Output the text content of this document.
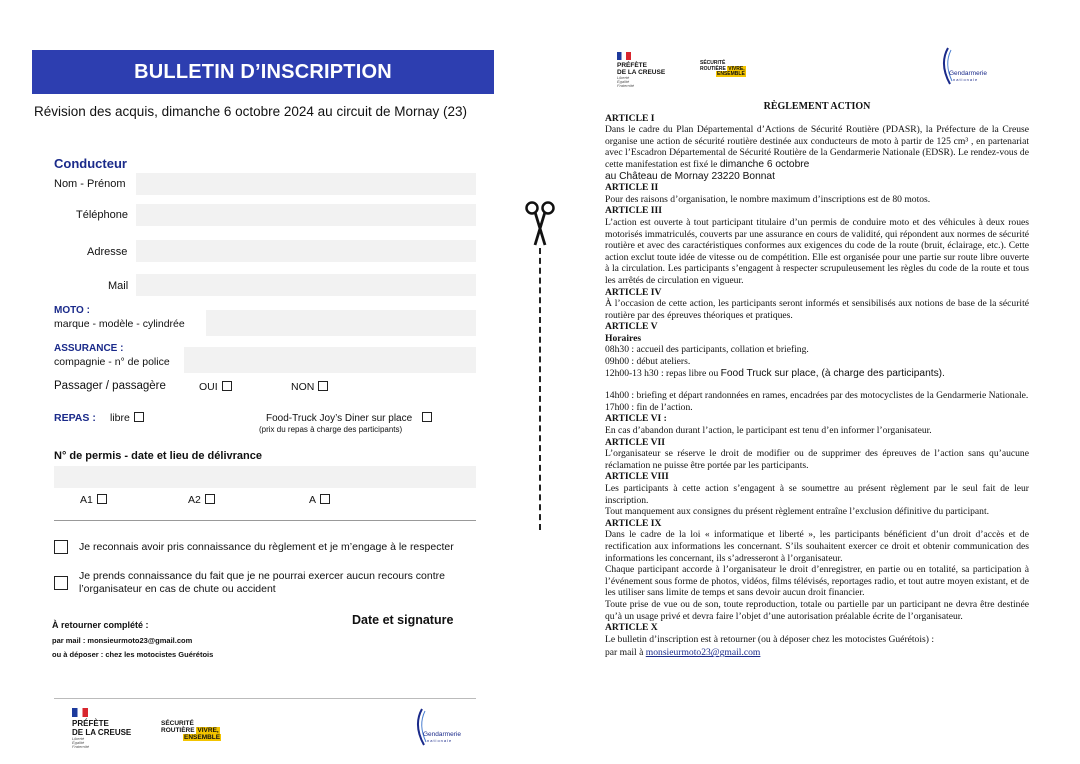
BULLETIN D’INSCRIPTION
Révision des acquis, dimanche 6 octobre 2024 au circuit de Mornay (23)
Conducteur
Nom - Prénom
Téléphone
Adresse
Mail
MOTO :
marque - modèle - cylindrée
ASSURANCE :
compagnie - n° de police
Passager / passagère	OUI	NON
REPAS : libre	Food-Truck Joy’s Diner sur place
(prix du repas à charge des participants)
N° de permis - date et lieu de délivrance
A1	A2	A
Je reconnais avoir pris connaissance du règlement et je m’engage à le respecter
Je prends connaissance du fait que je ne pourrai exercer aucun recours contre
l’organisateur en cas de chute ou accident
À retourner complété :
par mail : monsieurmoto23@gmail.com
ou à déposer : chez les motocistes Guérétois
Date et signature
PRÉFÈTE
DE LA CREUSE
Liberté
Égalité
Fraternité
SÉCURITÉ
ROUTIÈRE VIVRE,
ENSEMBLE	Gendarmerie
nationale
PRÉFÈTE
DE LA CREUSE
Liberté
Égalité
Fraternité
SÉCURITÉ
ROUTIÈRE VIVRE,
ENSEMBLE	Gendarmerie
nationale
RÈGLEMENT ACTION
ARTICLE I

Dans le cadre du Plan Départemental d’Actions de Sécurité Routière (PDASR), la Préfecture de la Creuse organise une action de sécurité routière destinée aux conducteurs de moto à partir de 125 cm³ , en partenariat avec l’Escadron Départemental de Sécurité Routière de la Gendarmerie Nationale (EDSR). Le rendez-vous de cette manifestation est fixé le dimanche 6 octobre
au Château de Mornay 23220 Bonnat

ARTICLE II

Pour des raisons d’organisation, le nombre maximum d’inscriptions est de 80 motos.

ARTICLE III

L’action est ouverte à tout participant titulaire d’un permis de conduire moto et des véhicules à deux roues motorisés immatriculés, couverts par une assurance en cours de validité, qui répondent aux normes de sécurité routière et avec des caractéristiques conformes aux exigences du code de la route (bruit, éclairage, etc.). Cette action exclut toute idée de vitesse ou de compétition. Elle est organisée pour une partie sur route libre ouverte à la circulation. Les participants s’engagent à respecter scrupuleusement les règles du code de la route et tous les arrêtés de circulation en vigueur.

ARTICLE IV

À l’occasion de cette action, les participants seront informés et sensibilisés aux notions de base de la sécurité routière par des épreuves théoriques et pratiques.

ARTICLE V
Horaires
08h30 : accueil des participants, collation et briefing.
09h00 : début ateliers.
12h00-13 h30 : repas libre ou Food Truck sur place, (à charge des participants).

14h00 : briefing et départ randonnées en rames, encadrées par des motocyclistes de la Gendarmerie Nationale.

17h00 : fin de l’action.
ARTICLE VI :

En cas d’abandon durant l’action, le participant est tenu d’en informer l’organisateur.

ARTICLE VII

L’organisateur se réserve le droit de modifier ou de supprimer des épreuves de l’action sans qu’aucune réclamation ne puisse être portée par les participants.

ARTICLE VIII

Les participants à cette action s’engagent à se soumettre au présent règlement par le seul fait de leur inscription.

Tout manquement aux consignes du présent règlement entraîne l’exclusion définitive du participant.

ARTICLE IX

Dans le cadre de la loi « informatique et liberté », les participants bénéficient d’un droit d’accès et de rectification aux informations les concernant. S’ils souhaitent exercer ce droit et obtenir communication des informations les concernant, ils s’adresseront à l’organisateur.

Chaque participant accorde à l’organisateur le droit d’enregistrer, en partie ou en totalité, sa participation à l’événement sous forme de photos, vidéos, films télévisés, reportages radio, et tout autre moyen existant, et de les utiliser sans limite de temps et sans devoir aucun droit financier.

Toute prise de vue ou de son, toute reproduction, totale ou partielle par un participant ne devra être destinée qu’à un usage privé et devra faire l’objet d’une autorisation préalable écrite de l’organisateur.

ARTICLE X

Le bulletin d’inscription est à retourner (ou à déposer chez les motocistes Guérétois) :

par mail à monsieurmoto23@gmail.com
